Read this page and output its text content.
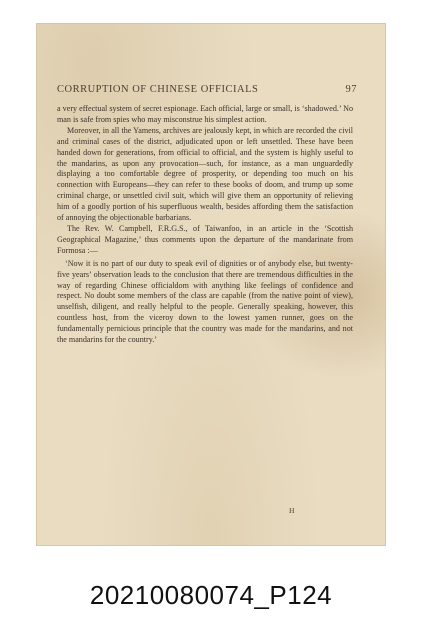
CORRUPTION OF CHINESE OFFICIALS	97

a very effectual system of secret espionage. Each official, large or small, is ‘shadowed.’ No man is safe from spies who may misconstrue his simplest action.

Moreover, in all the Yamens, archives are jealously kept, in which are recorded the civil and criminal cases of the district, adjudicated upon or left unsettled. These have been handed down for generations, from official to official, and the system is highly useful to the mandarins, as upon any provocation—such, for instance, as a man unguardedly displaying a too comfortable degree of prosperity, or depending too much on his connection with Europeans—they can refer to these books of doom, and trump up some criminal charge, or unsettled civil suit, which will give them an opportunity of relieving him of a goodly portion of his superfluous wealth, besides affording them the satisfaction of annoying the objectionable barbarians.

The Rev. W. Campbell, F.R.G.S., of Taiwanfoo, in an article in the ‘Scottish Geographical Magazine,’ thus comments upon the departure of the mandarinate from Formosa :—

‘Now it is no part of our duty to speak evil of dignities or of anybody else, but twenty-five years’ observation leads to the conclusion that there are tremendous difficulties in the way of regarding Chinese officialdom with anything like feelings of confidence and respect. No doubt some members of the class are capable (from the native point of view), unselfish, diligent, and really helpful to the people. Generally speaking, however, this countless host, from the viceroy down to the lowest yamen runner, goes on the fundamentally pernicious principle that the country was made for the mandarins, and not the mandarins for the country.’

H
20210080074_P124
